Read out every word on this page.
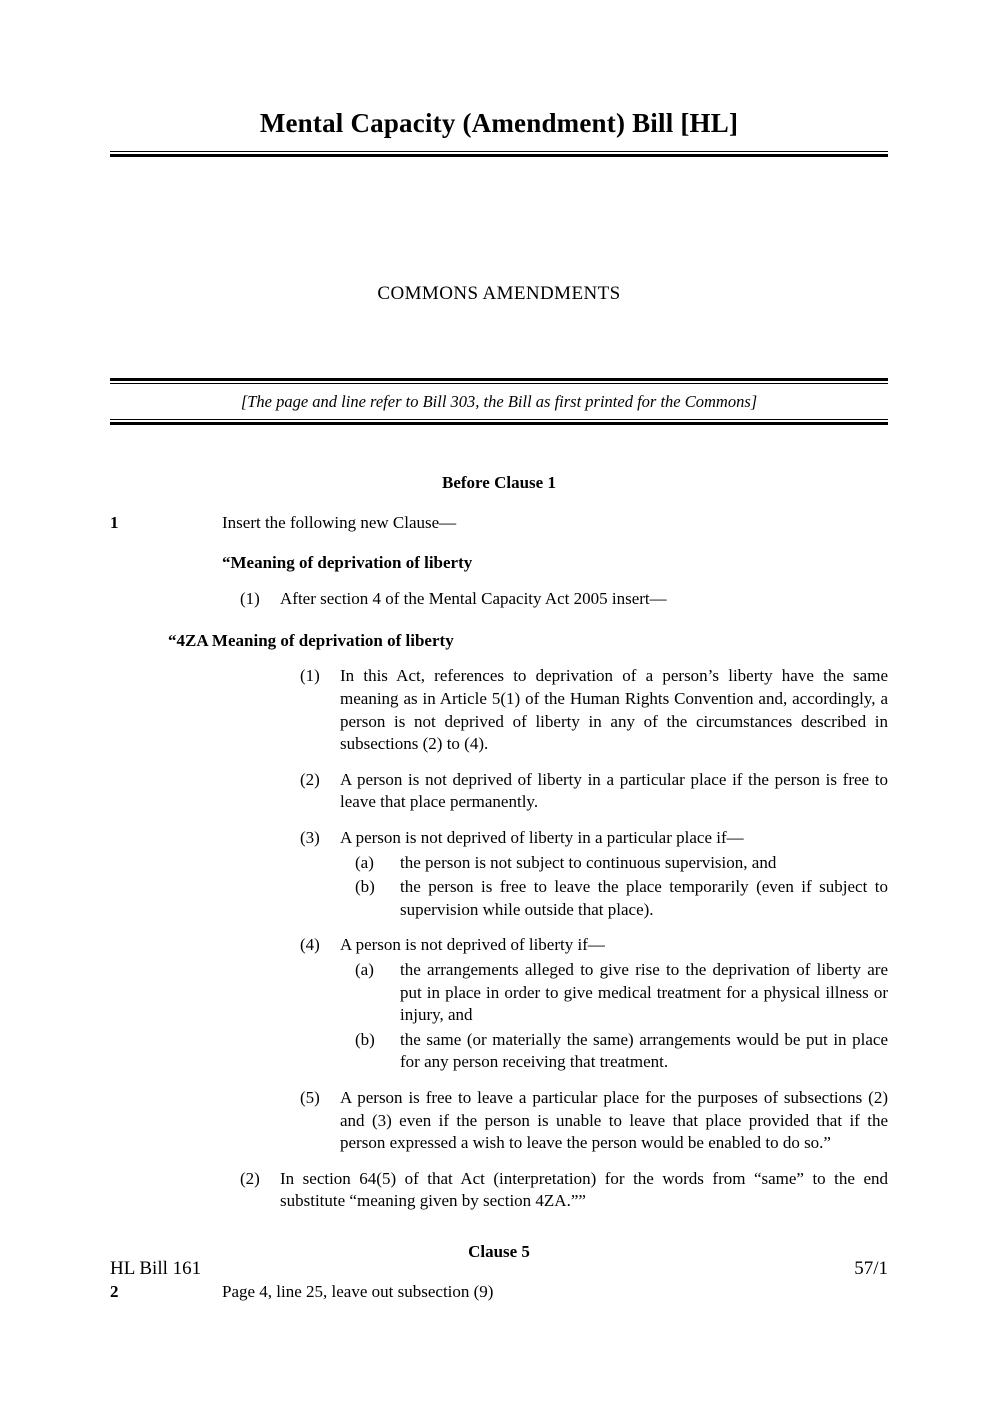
Mental Capacity (Amendment) Bill [HL]
COMMONS AMENDMENTS
[The page and line refer to Bill 303, the Bill as first printed for the Commons]
Before Clause 1
1	Insert the following new Clause—

“Meaning of deprivation of liberty

(1)	After section 4 of the Mental Capacity Act 2005 insert—

“4ZA Meaning of deprivation of liberty

(1)	In this Act, references to deprivation of a person’s liberty have the same meaning as in Article 5(1) of the Human Rights Convention and, accordingly, a person is not deprived of liberty in any of the circumstances described in subsections (2) to (4).
(2)	A person is not deprived of liberty in a particular place if the person is free to leave that place permanently.
(3)	A person is not deprived of liberty in a particular place if—
(a)	the person is not subject to continuous supervision, and
(b)	the person is free to leave the place temporarily (even if subject to supervision while outside that place).
(4)	A person is not deprived of liberty if—
(a)	the arrangements alleged to give rise to the deprivation of liberty are put in place in order to give medical treatment for a physical illness or injury, and
(b)	the same (or materially the same) arrangements would be put in place for any person receiving that treatment.
(5)	A person is free to leave a particular place for the purposes of subsections (2) and (3) even if the person is unable to leave that place provided that if the person expressed a wish to leave the person would be enabled to do so.”
(2)	In section 64(5) of that Act (interpretation) for the words from “same” to the end substitute “meaning given by section 4ZA.””
Clause 5
2	Page 4, line 25, leave out subsection (9)

HL Bill 161	57/1
